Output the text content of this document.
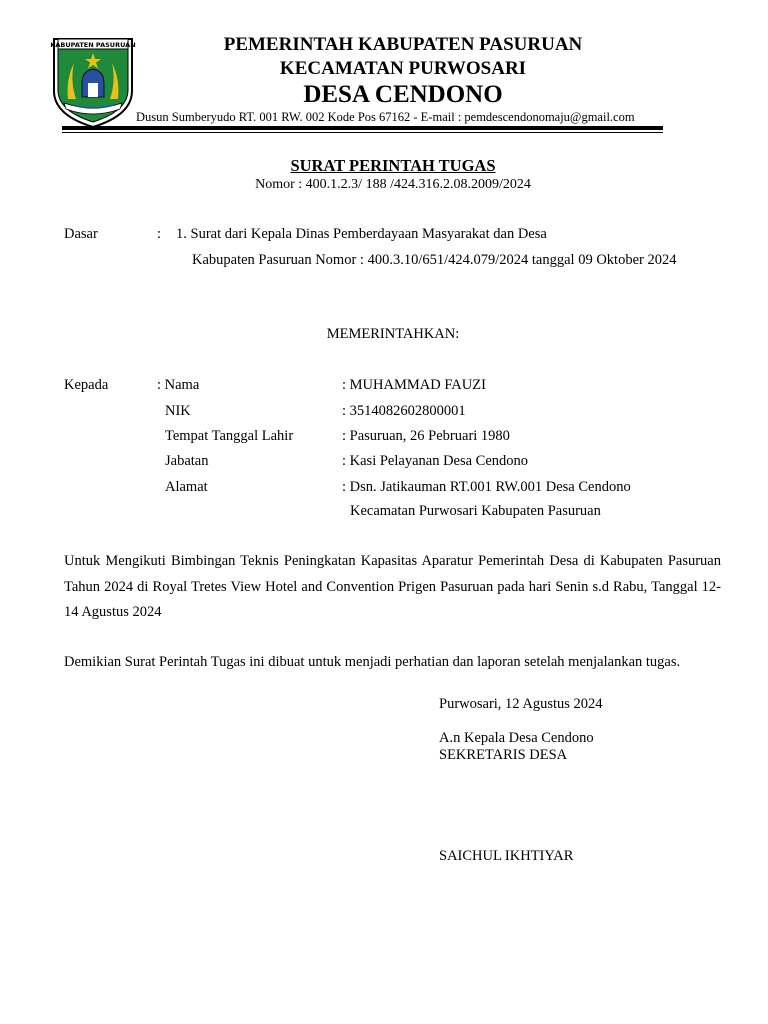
KABUPATEN PASURUAN	PEMERINTAH KABUPATEN PASURUAN
KECAMATAN PURWOSARI
DESA CENDONO
Dusun Sumberyudo RT. 001 RW. 002 Kode Pos 67162 - E-mail : pemdescendonomaju@gmail.com
SURAT PERINTAH TUGAS
Nomor : 400.1.2.3/ 188 /424.316.2.08.2009/2024
Dasar	: 1. Surat dari Kepala Dinas Pemberdayaan Masyarakat dan Desa
Kabupaten Pasuruan Nomor : 400.3.10/651/424.079/2024 tanggal 09 Oktober 2024
MEMERINTAHKAN:
Kepada	: Nama	: MUHAMMAD FAUZI
NIK	: 3514082602800001
Tempat Tanggal Lahir	: Pasuruan, 26 Pebruari 1980
Jabatan	: Kasi Pelayanan Desa Cendono
Alamat	: Dsn. Jatikauman RT.001 RW.001 Desa Cendono
Kecamatan Purwosari Kabupaten Pasuruan
Untuk Mengikuti Bimbingan Teknis Peningkatan Kapasitas Aparatur Pemerintah Desa di Kabupaten Pasuruan Tahun 2024 di Royal Tretes View Hotel and Convention Prigen Pasuruan pada hari Senin s.d Rabu, Tanggal 12-14 Agustus 2024
Demikian Surat Perintah Tugas ini dibuat untuk menjadi perhatian dan laporan setelah menjalankan tugas.
Purwosari, 12 Agustus 2024
A.n Kepala Desa Cendono
SEKRETARIS DESA
SAICHUL IKHTIYAR
